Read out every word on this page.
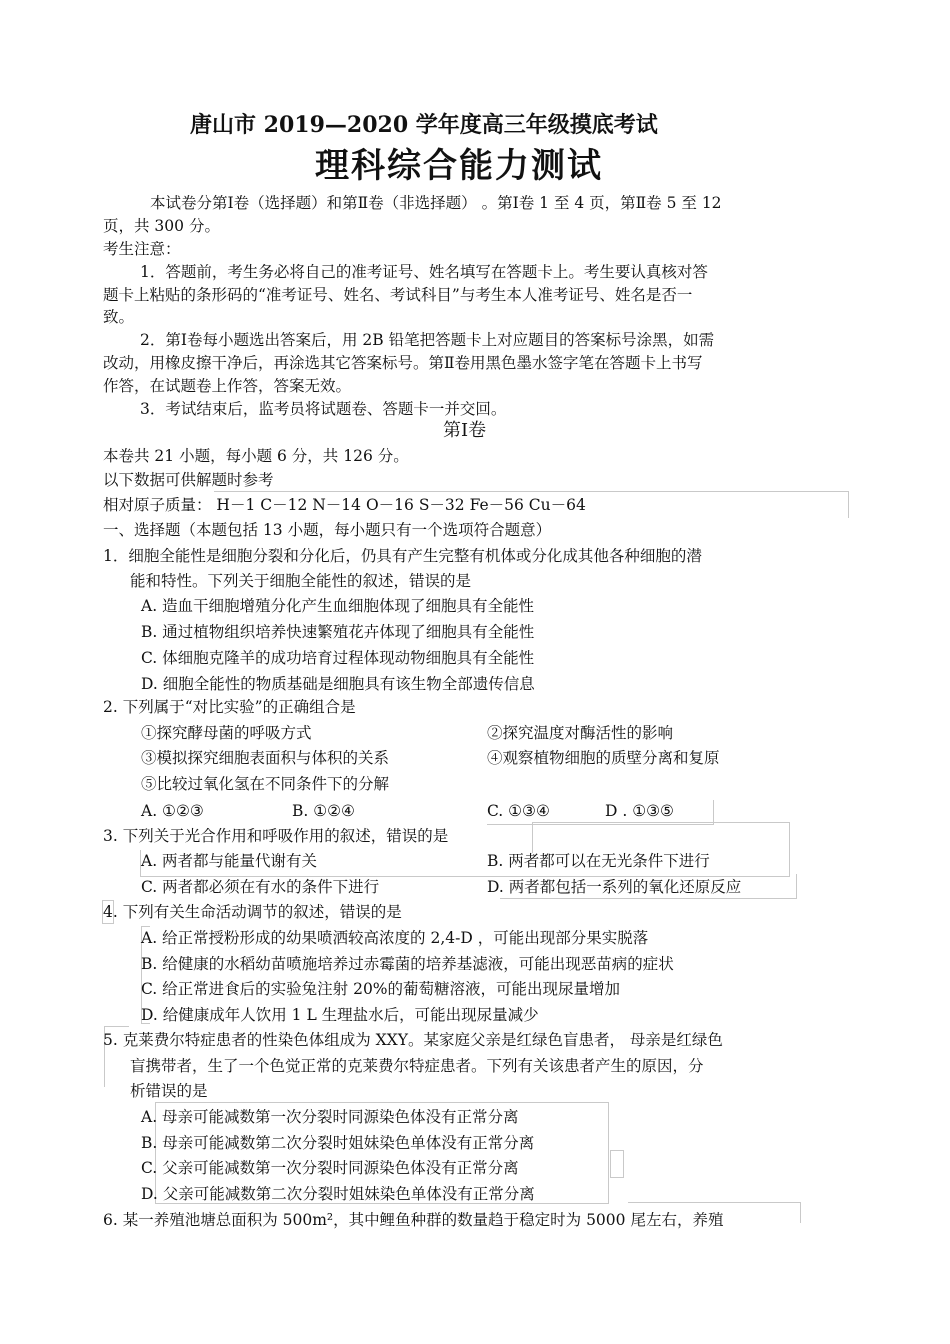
唐山市 2019—2020 学年度高三年级摸底考试
理科综合能力测试
本试卷分第Ⅰ卷（选择题）和第Ⅱ卷（非选择题） 。第Ⅰ卷 1 至 4 页，第Ⅱ卷 5 至 12
页，共 300 分。
考生注意：
1．答题前，考生务必将自己的准考证号、姓名填写在答题卡上。考生要认真核对答
题卡上粘贴的条形码的“准考证号、姓名、考试科目”与考生本人准考证号、姓名是否一
致。
2．第Ⅰ卷每小题选出答案后，用 2B 铅笔把答题卡上对应题目的答案标号涂黑，如需
改动，用橡皮擦干净后，再涂选其它答案标号。第Ⅱ卷用黑色墨水签字笔在答题卡上书写
作答，在试题卷上作答，答案无效。
3．考试结束后，监考员将试题卷、答题卡一并交回。
第Ⅰ卷
本卷共 21 小题，每小题 6 分，共 126 分。
以下数据可供解题时参考
相对原子质量： H－1 C－12 N－14 O－16 S－32 Fe－56 Cu－64
一、选择题（本题包括 13 小题，每小题只有一个选项符合题意）
1．细胞全能性是细胞分裂和分化后，仍具有产生完整有机体或分化成其他各种细胞的潜
能和特性。下列关于细胞全能性的叙述，错误的是
A. 造血干细胞增殖分化产生血细胞体现了细胞具有全能性
B. 通过植物组织培养快速繁殖花卉体现了细胞具有全能性
C. 体细胞克隆羊的成功培育过程体现动物细胞具有全能性
D. 细胞全能性的物质基础是细胞具有该生物全部遗传信息
2. 下列属于“对比实验”的正确组合是
①探究酵母菌的呼吸方式	②探究温度对酶活性的影响
③模拟探究细胞表面积与体积的关系	④观察植物细胞的质壁分离和复原
⑤比较过氧化氢在不同条件下的分解
A. ①②③	B. ①②④	C. ①③④	D . ①③⑤
3. 下列关于光合作用和呼吸作用的叙述，错误的是
A. 两者都与能量代谢有关	B. 两者都可以在无光条件下进行
C. 两者都必须在有水的条件下进行	D. 两者都包括一系列的氧化还原反应
4. 下列有关生命活动调节的叙述，错误的是
A. 给正常授粉形成的幼果喷洒较高浓度的 2,4-D ，可能出现部分果实脱落
B. 给健康的水稻幼苗喷施培养过赤霉菌的培养基滤液，可能出现恶苗病的症状
C. 给正常进食后的实验兔注射 20%的葡萄糖溶液，可能出现尿量增加
D. 给健康成年人饮用 1 L 生理盐水后，可能出现尿量减少
5. 克莱费尔特症患者的性染色体组成为 XXY。某家庭父亲是红绿色盲患者， 母亲是红绿色
盲携带者，生了一个色觉正常的克莱费尔特症患者。下列有关该患者产生的原因，分
析错误的是
A. 母亲可能减数第一次分裂时同源染色体没有正常分离
B. 母亲可能减数第二次分裂时姐妹染色单体没有正常分离
C. 父亲可能减数第一次分裂时同源染色体没有正常分离
D. 父亲可能减数第二次分裂时姐妹染色单体没有正常分离
6. 某一养殖池塘总面积为 500m²，其中鲤鱼种群的数量趋于稳定时为 5000 尾左右，养殖
